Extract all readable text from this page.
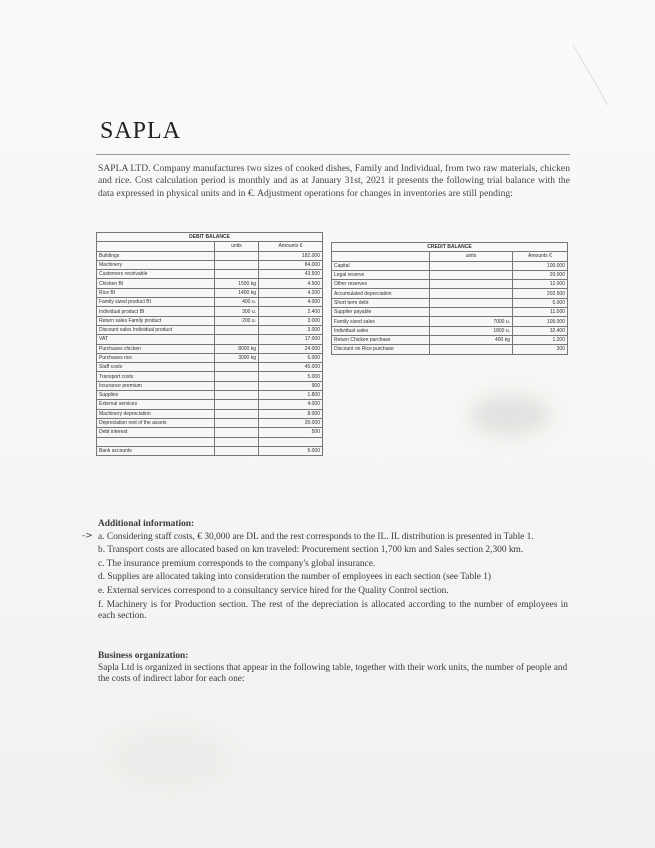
SAPLA
SAPLA LTD. Company manufactures two sizes of cooked dishes, Family and Individual, from two raw materials, chicken and rice. Cost calculation period is monthly and as at January 31st, 2021 it presents the following trial balance with the data expressed in physical units and in €. Adjustment operations for changes in inventories are still pending:
DEBIT BALANCE		
	units	Amounts €
Buildings		182.000
Machinery		84.000
Customers receivable		43.500
Chicken BI	1500 kg	4.500
Rice BI	1400 kg	4.200
Family sized product BI	400 u.	4.000
Individual product BI	300 u.	2.400
Return sales Family product	200 u.	3.000
Discount sales Individual product		3.000
VAT		17.000
Purchases chicken	8000 kg	24.000
Purchases rice	3000 kg	6.000
Staff costs		45.000
Transport costs		5.000
Insurance premium		900
Supplies		1.800
External services		4.000
Machinery depreciation		8.000
Depreciation rest of the assets		20.000
Debt interest		500

Bank accounts		5.000
CREDIT BALANCE		
	units	Amounts €
Capital		100.000
Legal reserve		20.000
Other reserves		12.000
Accumulated depreciation		202.500
Short term debt		5.000
Supplier payable		11.000
Family sized sales	7000 u.	105.000
Individual sales	1800 u.	32.400
Return Chicken purchase	400 kg	1.200
Discount on Rice purchase		200
->
Additional information:

a. Considering staff costs, € 30,000 are DL and the rest corresponds to the IL. IL distribution is presented in Table 1.

b. Transport costs are allocated based on km traveled: Procurement section 1,700 km and Sales section 2,300 km.

c. The insurance premium corresponds to the company's global insurance.

d. Supplies are allocated taking into consideration the number of employees in each section (see Table 1)

e. External services correspond to a consultancy service hired for the Quality Control section.

f. Machinery is for Production section. The rest of the depreciation is allocated according to the number of employees in each section.

Business organization:

Sapla Ltd is organized in sections that appear in the following table, together with their work units, the number of people and the costs of indirect labor for each one:
